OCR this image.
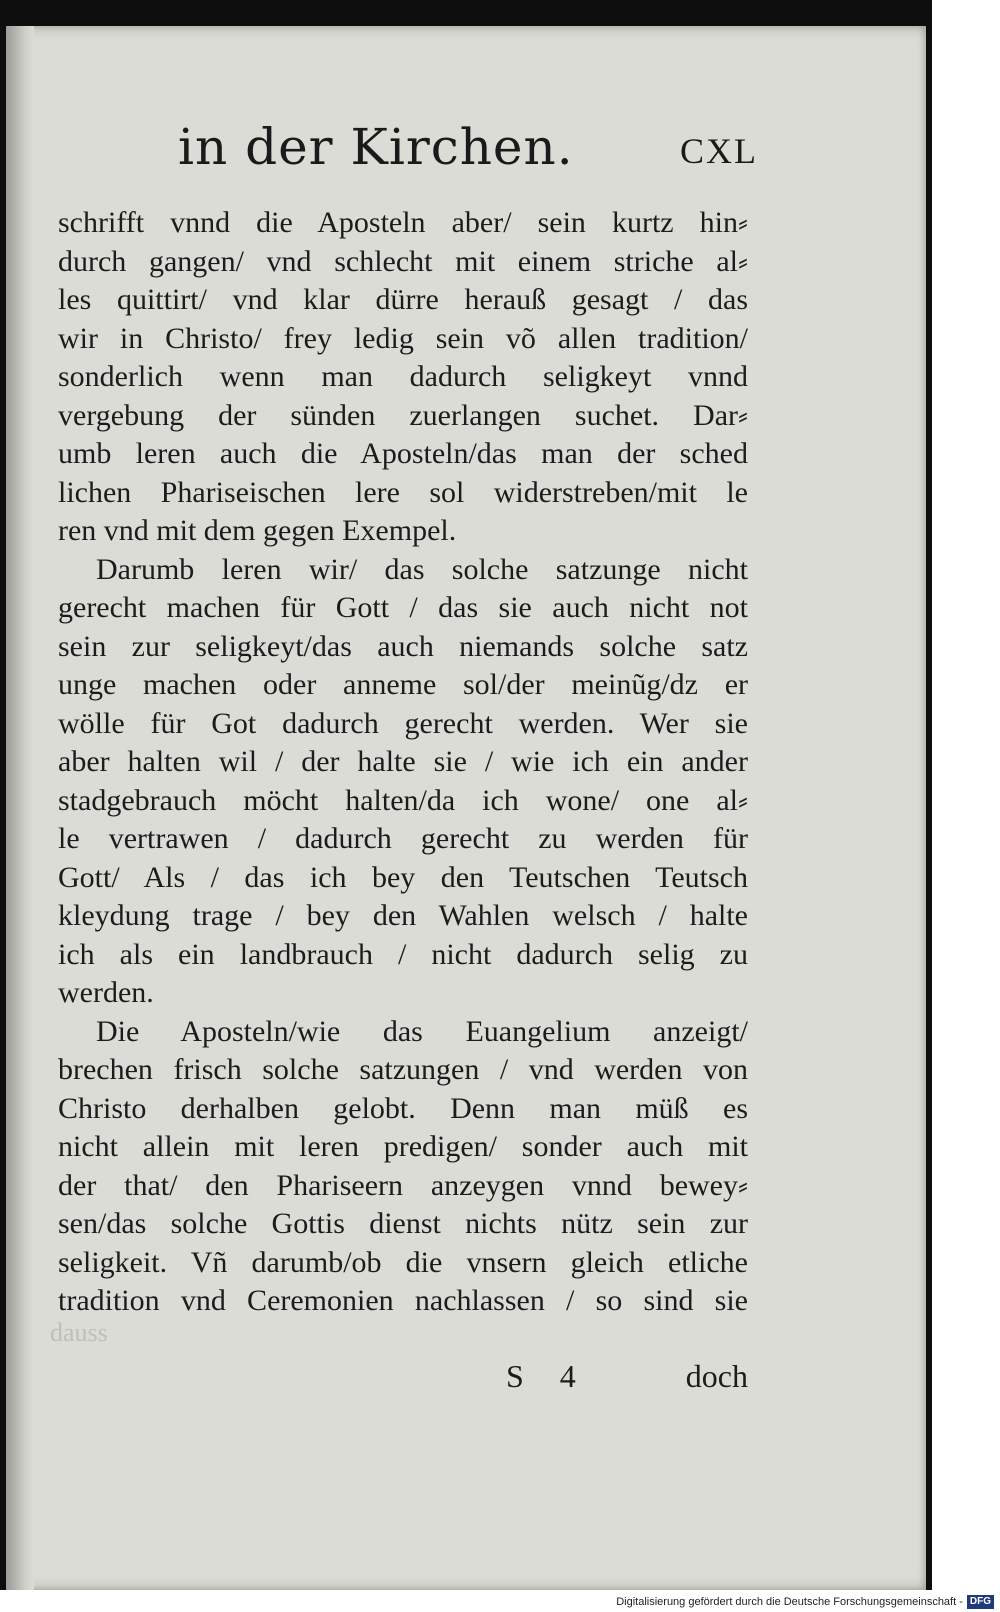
in der Kirchen.	CXL
schrifft vnnd die Aposteln aber/ sein kurtz hin⸗
durch gangen/ vnd schlecht mit einem striche al⸗
les quittirt/ vnd klar dürre herauß gesagt / das
wir in Christo/ frey ledig sein võ allen tradition/
sonderlich wenn man dadurch seligkeyt vnnd
vergebung der sünden zuerlangen suchet. Dar⸗
umb leren auch die Aposteln/das man der sched
lichen Phariseischen lere sol widerstreben/mit le
ren vnd mit dem gegen Exempel.
Darumb leren wir/ das solche satzunge nicht
gerecht machen für Gott / das sie auch nicht not
sein zur seligkeyt/das auch niemands solche satz
unge machen oder anneme sol/der meinũg/dz er
wölle für Got dadurch gerecht werden. Wer sie
aber halten wil / der halte sie / wie ich ein ander
stadgebrauch möcht halten/da ich wone/ one al⸗
le vertrawen / dadurch gerecht zu werden für
Gott/ Als / das ich bey den Teutschen Teutsch
kleydung trage / bey den Wahlen welsch / halte
ich als ein landbrauch / nicht dadurch selig zu
werden.
Die Aposteln/wie das Euangelium anzeigt/
brechen frisch solche satzungen / vnd werden von
Christo derhalben gelobt. Denn man müß es
nicht allein mit leren predigen/ sonder auch mit
der that/ den Phariseern anzeygen vnnd bewey⸗
sen/das solche Gottis dienst nichts nütz sein zur
seligkeit. Vñ darumb/ob die vnsern gleich etliche
tradition vnd Ceremonien nachlassen / so sind sie
dauss
S 4	doch
Digitalisierung gefördert durch die Deutsche Forschungsgemeinschaft - DFG
